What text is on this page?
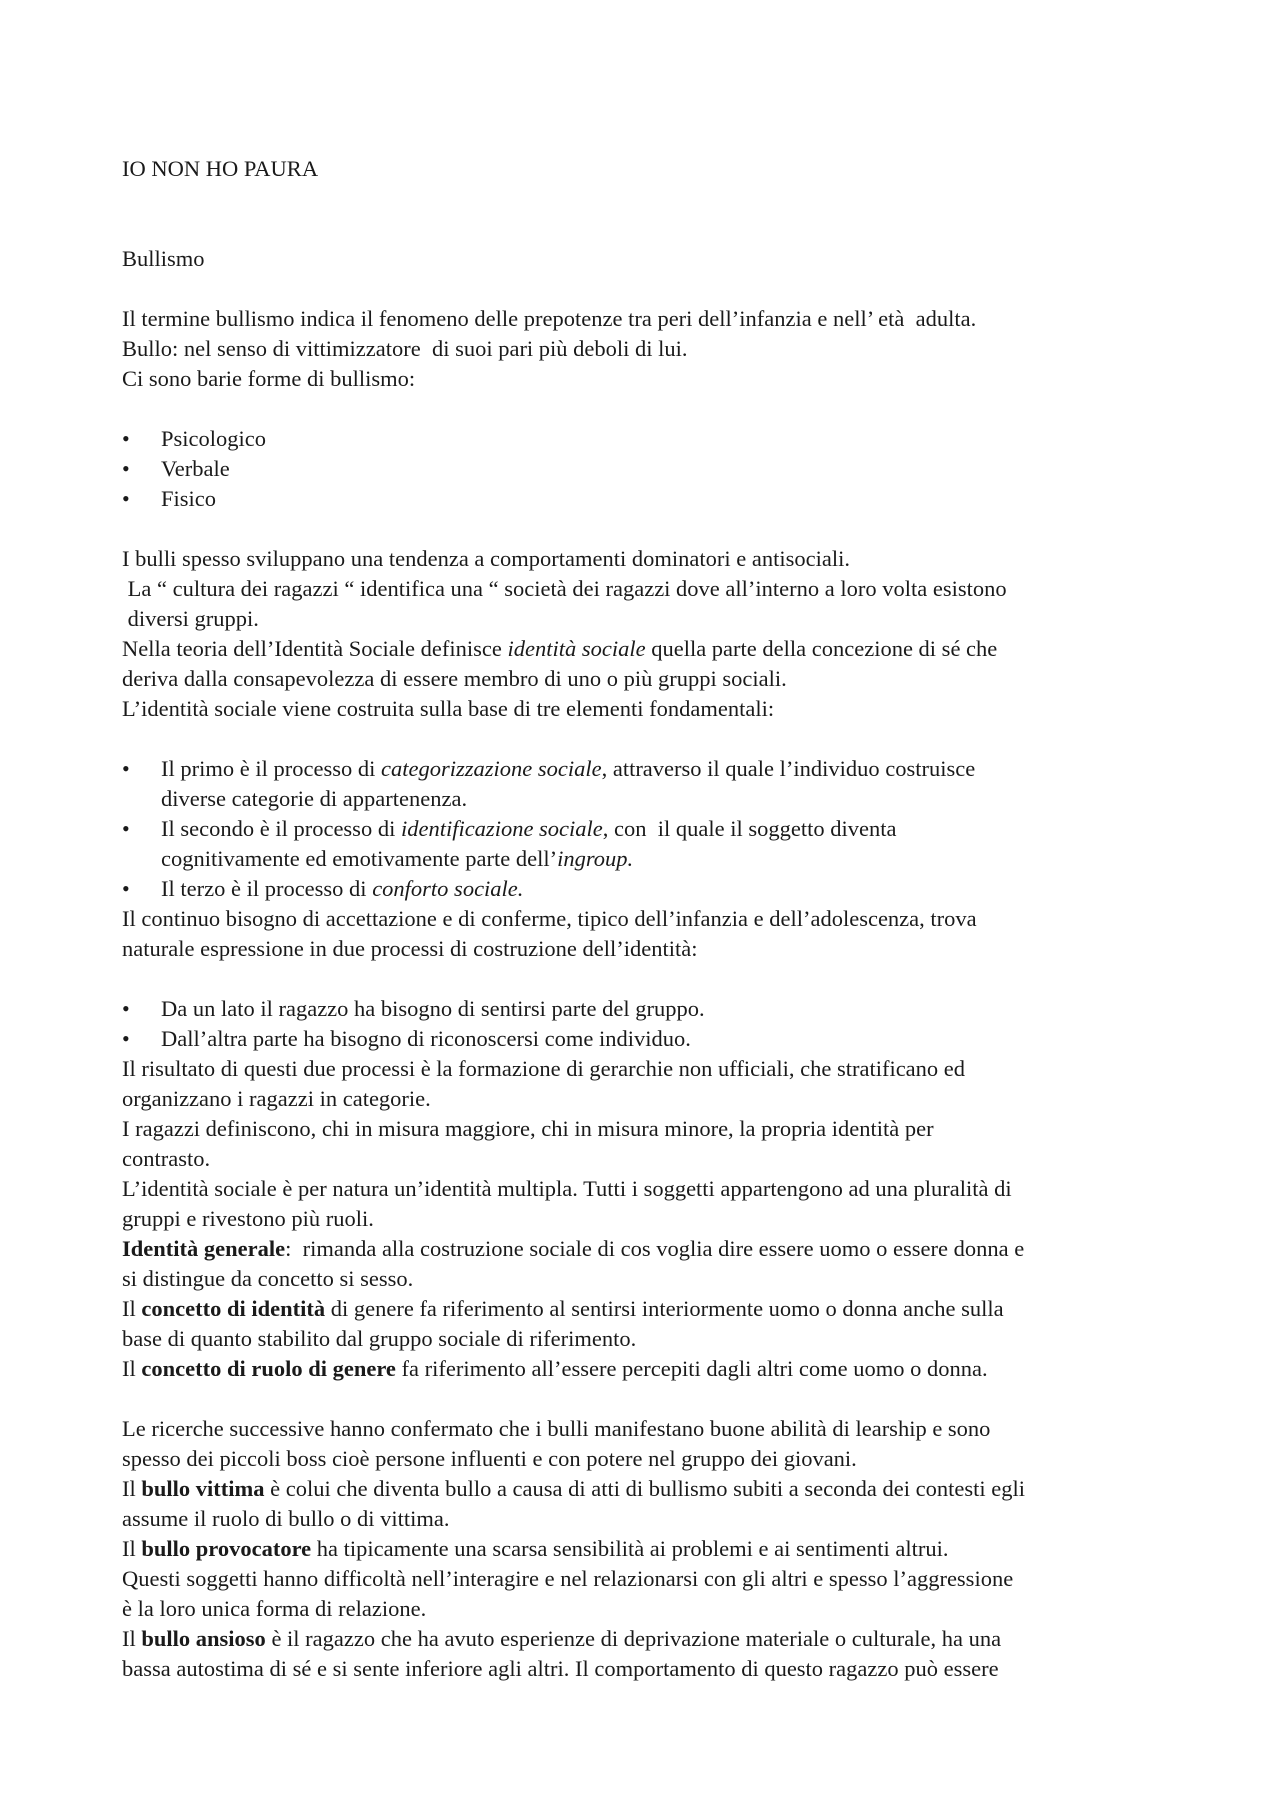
IO NON HO PAURA
Bullismo
Il termine bullismo indica il fenomeno delle prepotenze tra peri dell’infanzia e nell’ età  adulta.
Bullo: nel senso di vittimizzatore  di suoi pari più deboli di lui.
Ci sono barie forme di bullismo:
• Psicologico
• Verbale
• Fisico
I bulli spesso sviluppano una tendenza a comportamenti dominatori e antisociali.
La “ cultura dei ragazzi “ identifica una “ società dei ragazzi dove all’interno a loro volta esistono
diversi gruppi.
Nella teoria dell’Identità Sociale definisce identità sociale quella parte della concezione di sé che
deriva dalla consapevolezza di essere membro di uno o più gruppi sociali.
L’identità sociale viene costruita sulla base di tre elementi fondamentali:
• Il primo è il processo di categorizzazione sociale, attraverso il quale l’individuo costruisce
diverse categorie di appartenenza.
• Il secondo è il processo di identificazione sociale, con  il quale il soggetto diventa
cognitivamente ed emotivamente parte dell’ingroup.
• Il terzo è il processo di conforto sociale.
Il continuo bisogno di accettazione e di conferme, tipico dell’infanzia e dell’adolescenza, trova
naturale espressione in due processi di costruzione dell’identità:
• Da un lato il ragazzo ha bisogno di sentirsi parte del gruppo.
• Dall’altra parte ha bisogno di riconoscersi come individuo.
Il risultato di questi due processi è la formazione di gerarchie non ufficiali, che stratificano ed
organizzano i ragazzi in categorie.
I ragazzi definiscono, chi in misura maggiore, chi in misura minore, la propria identità per
contrasto.
L’identità sociale è per natura un’identità multipla. Tutti i soggetti appartengono ad una pluralità di
gruppi e rivestono più ruoli.
Identità generale:  rimanda alla costruzione sociale di cos voglia dire essere uomo o essere donna e
si distingue da concetto si sesso.
Il concetto di identità di genere fa riferimento al sentirsi interiormente uomo o donna anche sulla
base di quanto stabilito dal gruppo sociale di riferimento.
Il concetto di ruolo di genere fa riferimento all’essere percepiti dagli altri come uomo o donna.
Le ricerche successive hanno confermato che i bulli manifestano buone abilità di learship e sono
spesso dei piccoli boss cioè persone influenti e con potere nel gruppo dei giovani.
Il bullo vittima è colui che diventa bullo a causa di atti di bullismo subiti a seconda dei contesti egli
assume il ruolo di bullo o di vittima.
Il bullo provocatore ha tipicamente una scarsa sensibilità ai problemi e ai sentimenti altrui.
Questi soggetti hanno difficoltà nell’interagire e nel relazionarsi con gli altri e spesso l’aggressione
è la loro unica forma di relazione.
Il bullo ansioso è il ragazzo che ha avuto esperienze di deprivazione materiale o culturale, ha una
bassa autostima di sé e si sente inferiore agli altri. Il comportamento di questo ragazzo può essere
